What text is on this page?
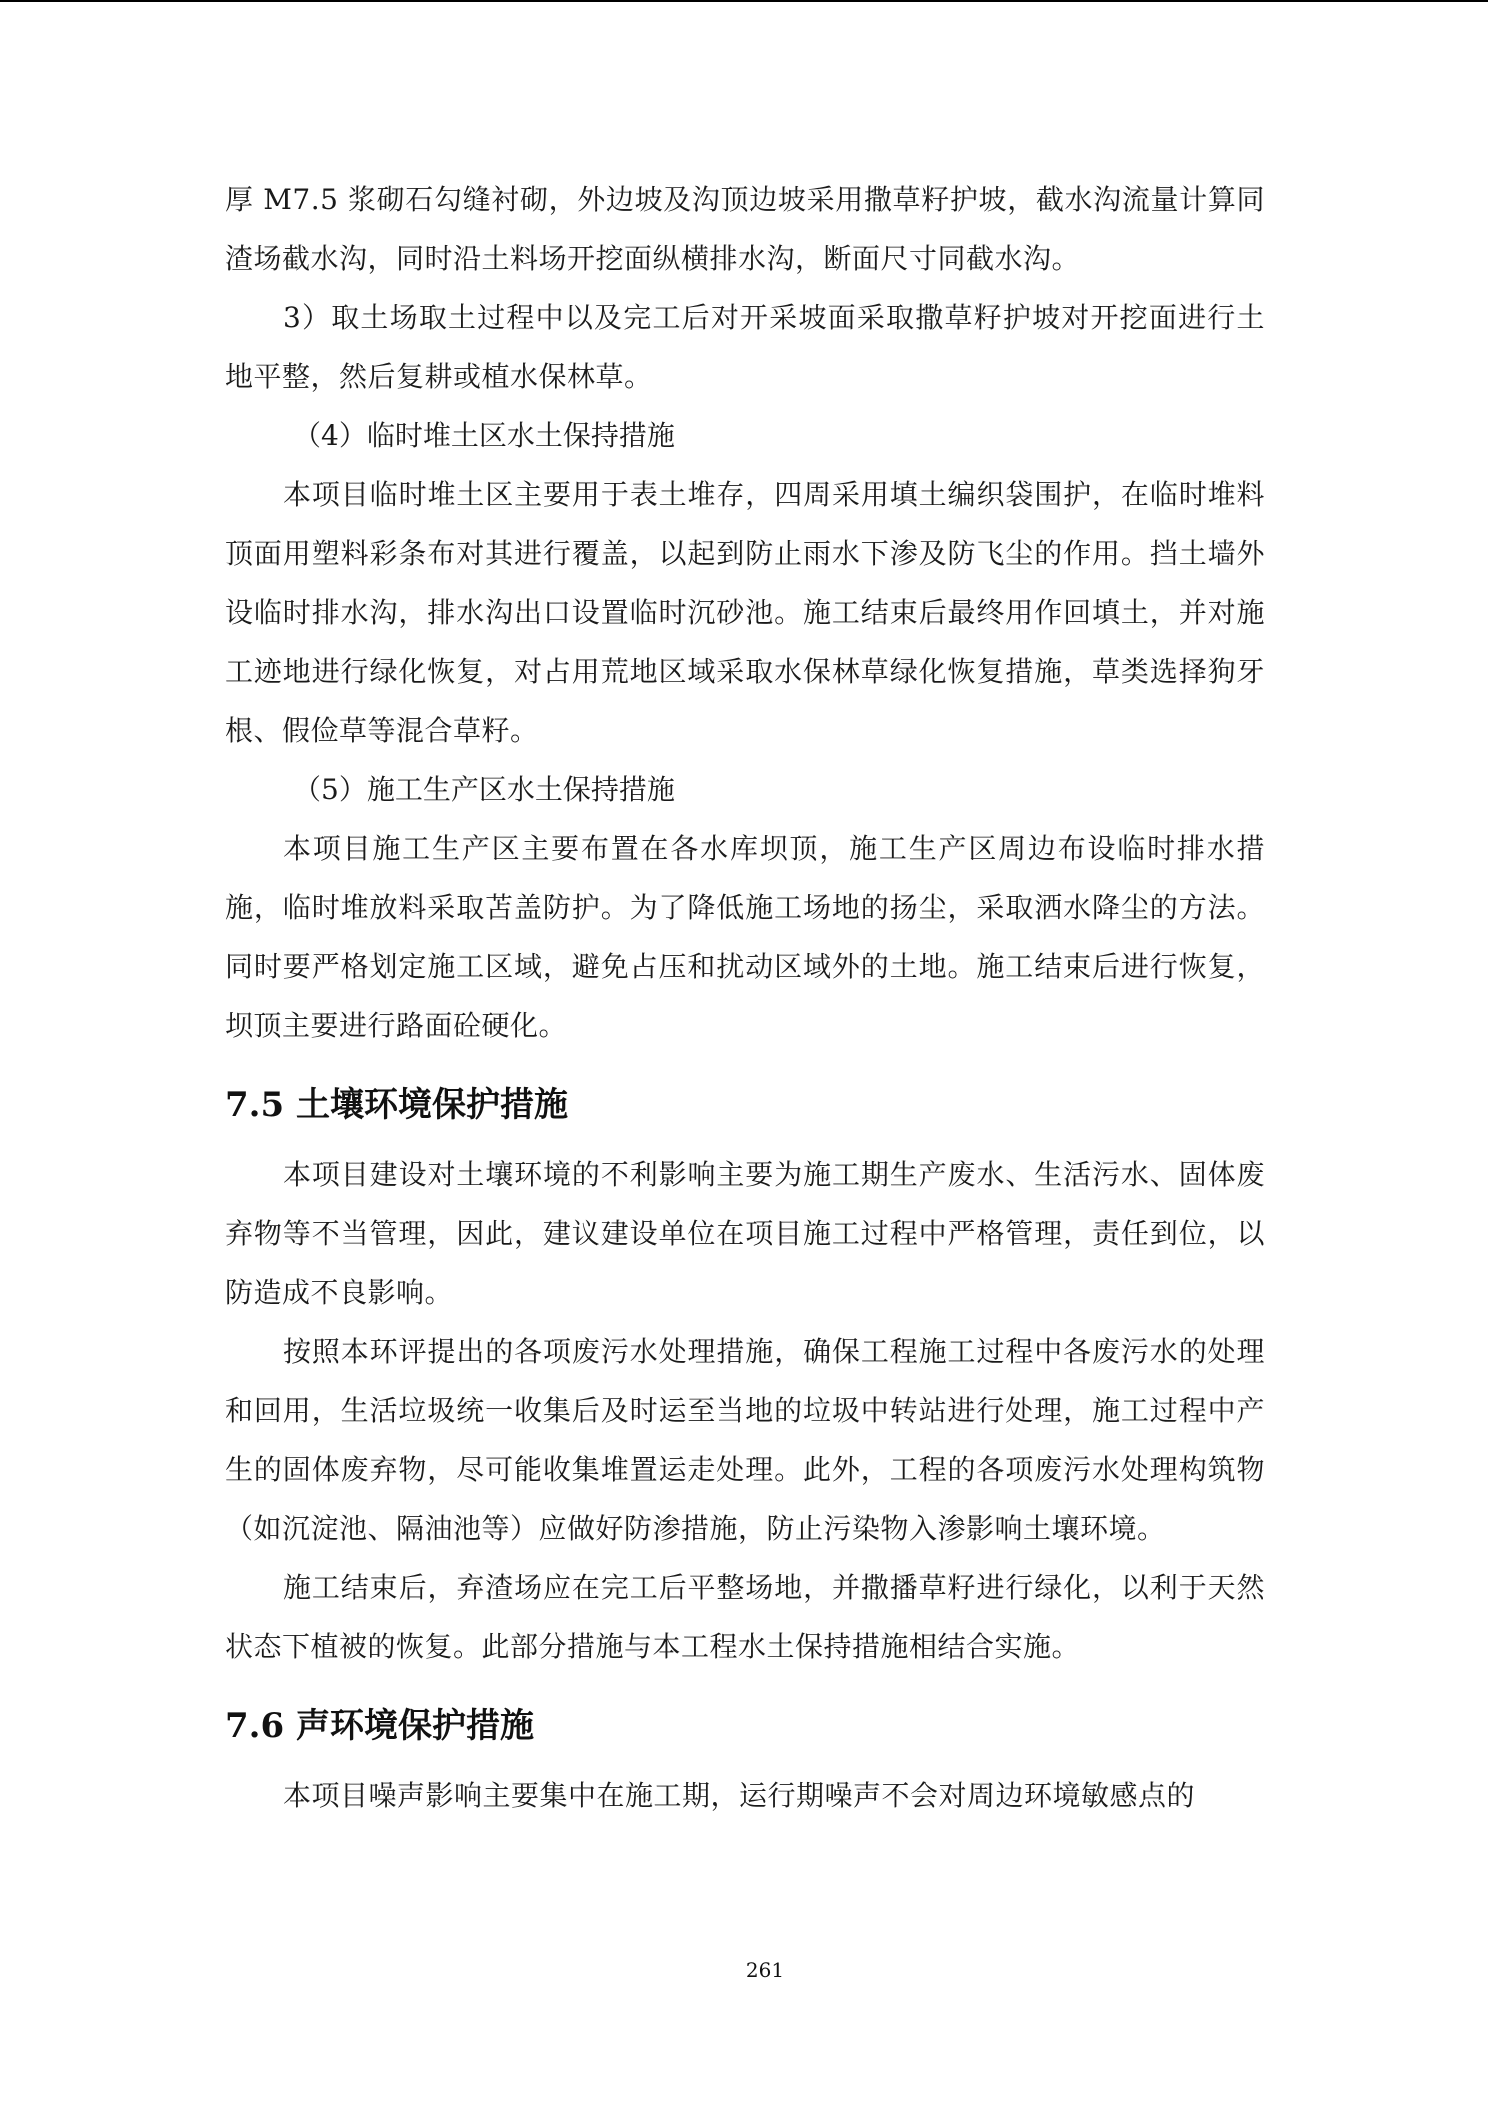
厚 M7.5 浆砌石勾缝衬砌，外边坡及沟顶边坡采用撒草籽护坡，截水沟流量计算同渣场截水沟，同时沿土料场开挖面纵横排水沟，断面尺寸同截水沟。

3）取土场取土过程中以及完工后对开采坡面采取撒草籽护坡对开挖面进行土地平整，然后复耕或植水保林草。

（4）临时堆土区水土保持措施

本项目临时堆土区主要用于表土堆存，四周采用填土编织袋围护，在临时堆料顶面用塑料彩条布对其进行覆盖，以起到防止雨水下渗及防飞尘的作用。挡土墙外设临时排水沟，排水沟出口设置临时沉砂池。施工结束后最终用作回填土，并对施工迹地进行绿化恢复，对占用荒地区域采取水保林草绿化恢复措施，草类选择狗牙根、假俭草等混合草籽。

（5）施工生产区水土保持措施

本项目施工生产区主要布置在各水库坝顶，施工生产区周边布设临时排水措施，临时堆放料采取苫盖防护。为了降低施工场地的扬尘，采取洒水降尘的方法。同时要严格划定施工区域，避免占压和扰动区域外的土地。施工结束后进行恢复，坝顶主要进行路面砼硬化。

7.5 土壤环境保护措施

本项目建设对土壤环境的不利影响主要为施工期生产废水、生活污水、固体废弃物等不当管理，因此，建议建设单位在项目施工过程中严格管理，责任到位，以防造成不良影响。

按照本环评提出的各项废污水处理措施，确保工程施工过程中各废污水的处理和回用，生活垃圾统一收集后及时运至当地的垃圾中转站进行处理，施工过程中产生的固体废弃物，尽可能收集堆置运走处理。此外，工程的各项废污水处理构筑物（如沉淀池、隔油池等）应做好防渗措施，防止污染物入渗影响土壤环境。

施工结束后，弃渣场应在完工后平整场地，并撒播草籽进行绿化，以利于天然状态下植被的恢复。此部分措施与本工程水土保持措施相结合实施。

7.6 声环境保护措施

本项目噪声影响主要集中在施工期，运行期噪声不会对周边环境敏感点的

261
